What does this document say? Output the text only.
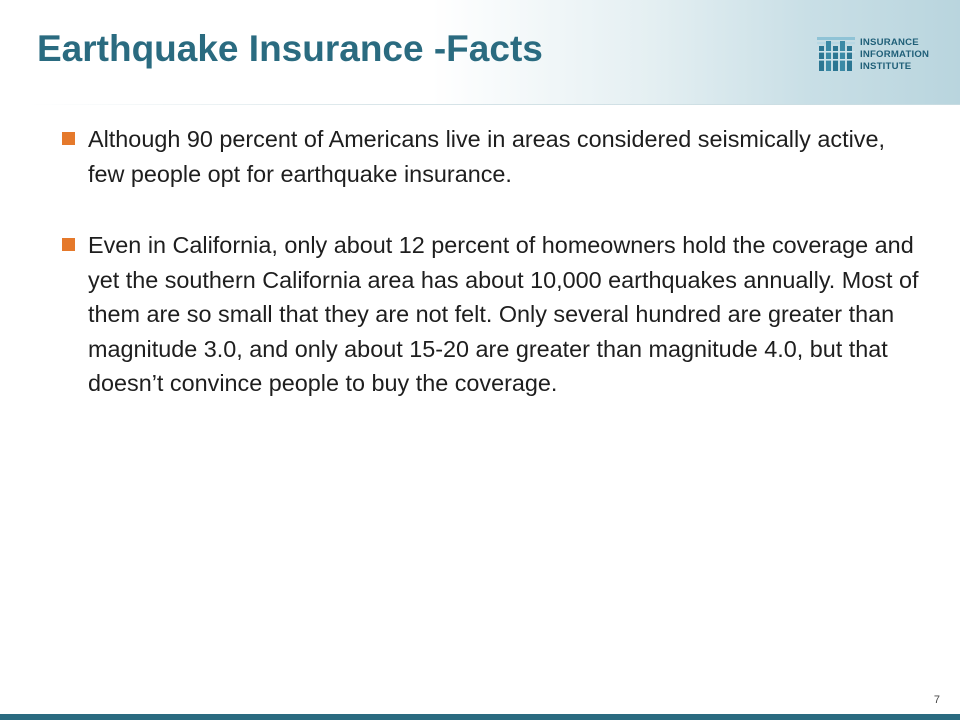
Earthquake Insurance -Facts	INSURANCE
INFORMATION
INSTITUTE
Although 90 percent of Americans live in areas considered seismically active, few people opt for earthquake insurance.
Even in California, only about 12 percent of homeowners hold the coverage and yet the southern California area has about 10,000 earthquakes annually. Most of them are so small that they are not felt. Only several hundred are greater than magnitude 3.0, and only about 15-20 are greater than magnitude 4.0, but that doesn’t convince people to buy the coverage.
7
